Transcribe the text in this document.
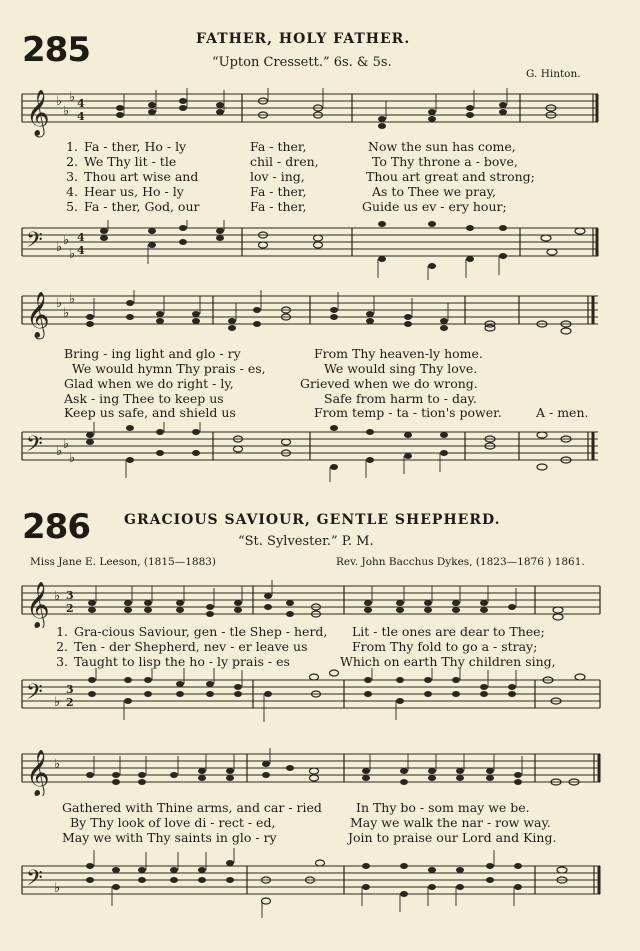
285	FATHER, HOLY FATHER.
“Upton Cressett.” 6s. & 5s.
G. Hinton.
𝄞 ♭
♭
♭ 4
4
1.
2.
3.
4.
5.
Fa - ther, Ho - ly	Fa - ther,	Now the sun has come,
We Thy lit - tle	chil - dren,	To Thy throne a - bove,
Thou art wise and	lov - ing,	Thou art great and strong;
Hear us, Ho - ly	Fa - ther,	As to Thee we pray,
Fa - ther, God, our	Fa - ther,	Guide us ev - ery hour;
𝄢 ♭ ♭
♭
4
4
𝄞 ♭
♭
♭
Bring - ing light and glo - ry	From Thy heaven-ly home.
We would hymn Thy prais - es,	We would sing Thy love.
Glad when we do right - ly,	Grieved when we do wrong.
Ask - ing Thee to keep us	Safe from harm to - day.
Keep us safe, and shield us	From temp - ta - tion's power.	A - men.
𝄢 ♭ ♭
♭
286 GRACIOUS SAVIOUR, GENTLE SHEPHERD.
“St. Sylvester.” P. M.
Miss Jane E. Leeson, (1815—1883)	Rev. John Bacchus Dykes, (1823—1876 ) 1861.
𝄞 ♭ 3
2
1.
2.
3.
Gra-cious Saviour, gen - tle Shep - herd, Lit - tle ones are dear to Thee;
Ten - der Shepherd, nev - er leave us	From Thy fold to go a - stray;
Taught to lisp the ho - ly prais - es	Which on earth Thy children sing,
𝄢 ♭
3
2
𝄞 ♭
Gathered with Thine arms, and car - ried	In Thy bo - som may we be.
By Thy look of love di - rect - ed,	May we walk the nar - row way.
May we with Thy saints in glo - ry	Join to praise our Lord and King.
𝄢 ♭
